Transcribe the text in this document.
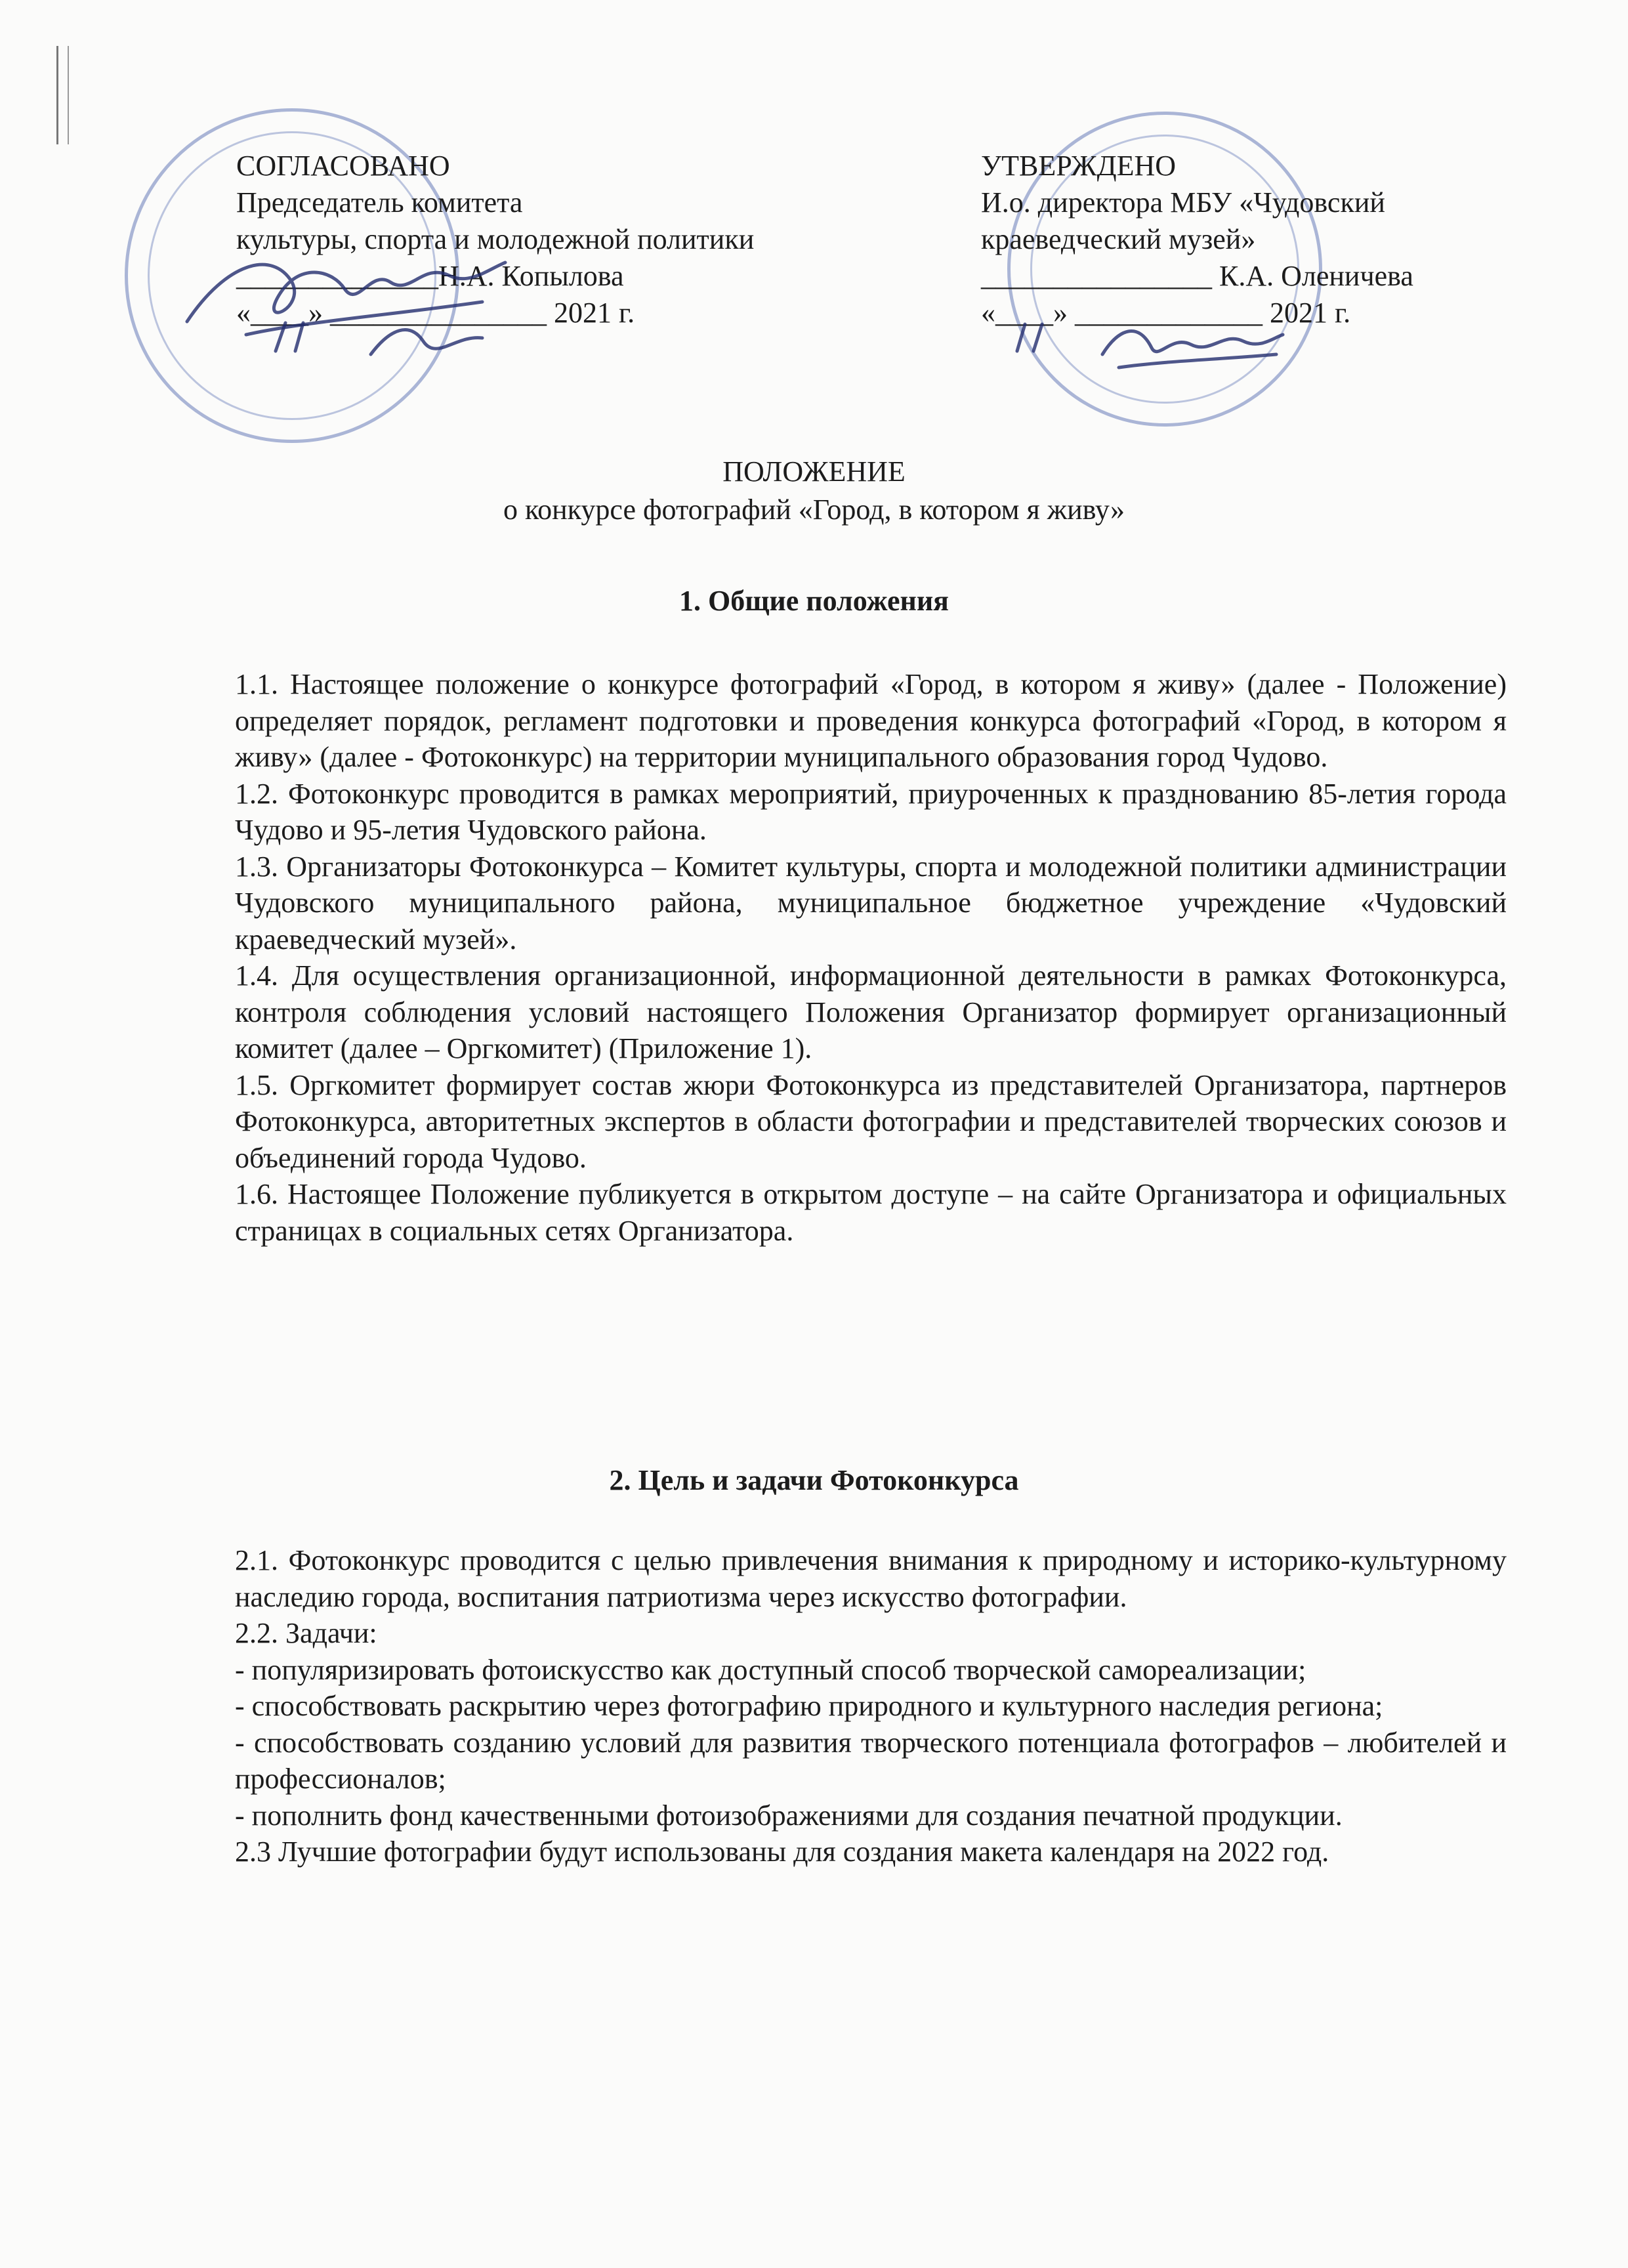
СОГЛАСОВАНО
Председатель комитета
культуры, спорта и молодежной политики
______________Н.А. Копылова
«____» _______________ 2021 г.
УТВЕРЖДЕНО
И.о. директора МБУ «Чудовский
краеведческий музей»
________________ К.А. Оленичева
«____» _____________ 2021 г.
ПОЛОЖЕНИЕ
о конкурсе фотографий «Город, в котором я живу»
1. Общие положения

1.1. Настоящее положение о конкурсе фотографий «Город, в котором я живу» (далее - Положение) определяет порядок, регламент подготовки и проведения конкурса фотографий «Город, в котором я живу» (далее - Фотоконкурс) на территории муниципального образования город Чудово.

1.2. Фотоконкурс проводится в рамках мероприятий, приуроченных к празднованию 85-летия города Чудово и 95-летия Чудовского района.

1.3. Организаторы Фотоконкурса – Комитет культуры, спорта и молодежной политики администрации Чудовского муниципального района, муниципальное бюджетное учреждение «Чудовский краеведческий музей».

1.4. Для осуществления организационной, информационной деятельности в рамках Фотоконкурса, контроля соблюдения условий настоящего Положения Организатор формирует организационный комитет (далее – Оргкомитет) (Приложение 1).

1.5. Оргкомитет формирует состав жюри Фотоконкурса из представителей Организатора, партнеров Фотоконкурса, авторитетных экспертов в области фотографии и представителей творческих союзов и объединений города Чудово.

1.6. Настоящее Положение публикуется в открытом доступе – на сайте Организатора и официальных страницах в социальных сетях Организатора.

2. Цель и задачи Фотоконкурса

2.1. Фотоконкурс проводится с целью привлечения внимания к природному и историко-культурному наследию города, воспитания патриотизма через искусство фотографии.

2.2. Задачи:

- популяризировать фотоискусство как доступный способ творческой самореализации;

- способствовать раскрытию через фотографию природного и культурного наследия региона;

- способствовать созданию условий для развития творческого потенциала фотографов – любителей и профессионалов;

- пополнить фонд качественными фотоизображениями для создания печатной продукции.

2.3 Лучшие фотографии будут использованы для создания макета календаря на 2022 год.
